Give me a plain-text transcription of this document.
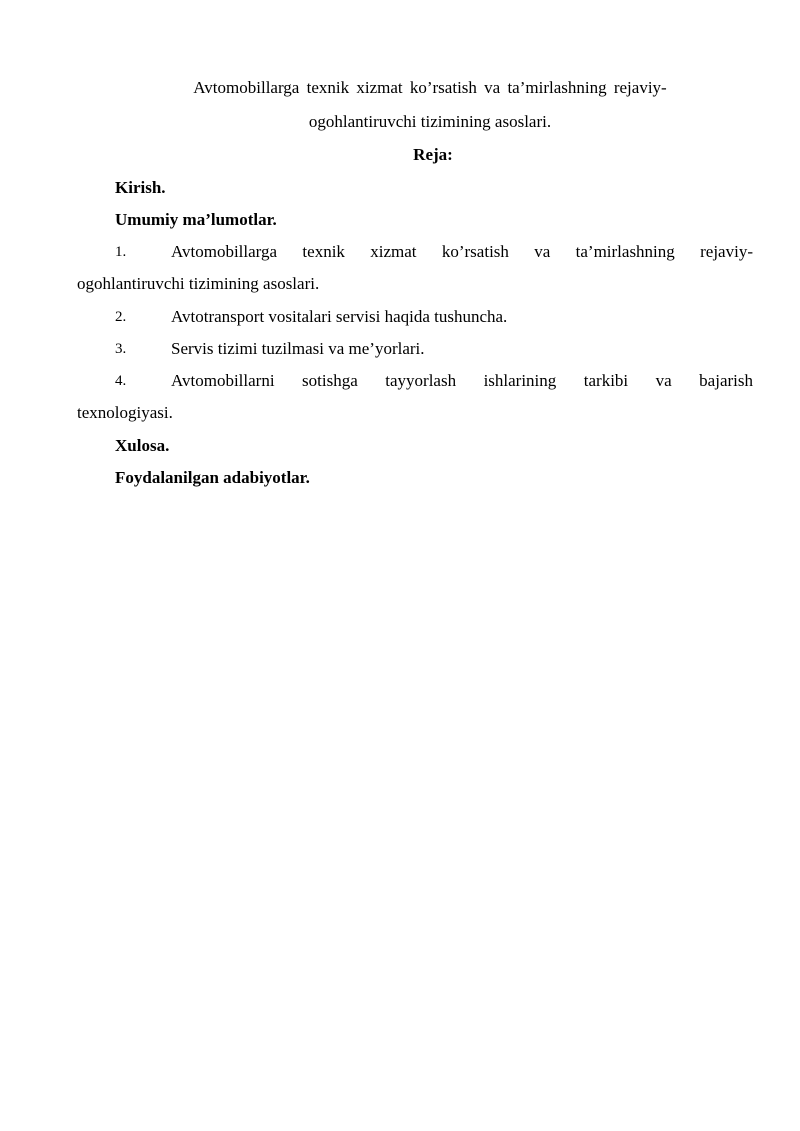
Avtomobillarga texnik xizmat ko’rsatish va ta’mirlashning rejaviy-
ogohlantiruvchi tizimining asoslari.
Reja:
Kirish.
Umumiy ma’lumotlar.
1.	Avtomobillarga texnik xizmat ko’rsatish va ta’mirlashning rejaviy-
ogohlantiruvchi tizimining asoslari.
2.	Avtotransport vositalari servisi haqida tushuncha.
3.	Servis tizimi tuzilmasi va me’yorlari.
4.	Avtomobillarni sotishga tayyorlash ishlarining tarkibi va bajarish
texnologiyasi.
Xulosa.
Foydalanilgan adabiyotlar.
